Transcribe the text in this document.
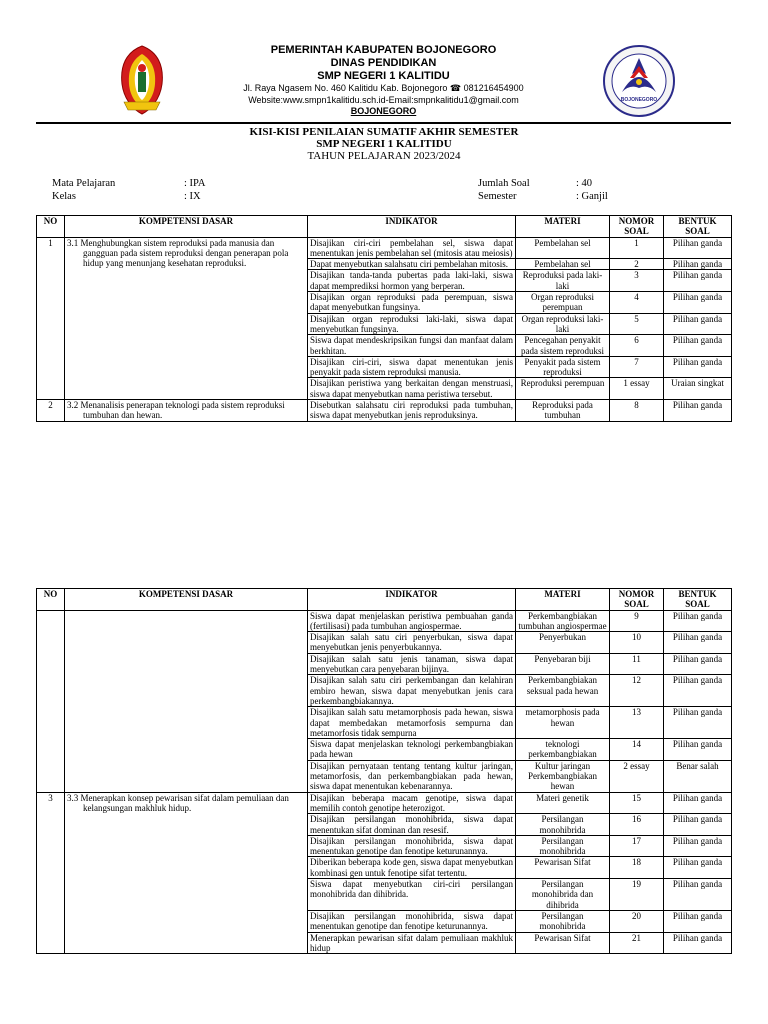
PEMERINTAH KABUPATEN BOJONEGORO
DINAS PENDIDIKAN
SMP NEGERI 1 KALITIDU
Jl. Raya Ngasem No. 460 Kalitidu Kab. Bojonegoro ☎ 081216454900
Website:www.smpn1kalitidu.sch.id-Email:smpnkalitidu1@gmail.com
BOJONEGORO
BOJONEGORO
KISI-KISI PENILAIAN SUMATIF AKHIR SEMESTER
SMP NEGERI 1 KALITIDU
TAHUN PELAJARAN 2023/2024
Mata Pelajaran	: IPA
Kelas	: IX
Jumlah Soal	: 40
Semester	: Ganjil
NO	KOMPETENSI DASAR	INDIKATOR	MATERI	NOMOR SOAL	BENTUK SOAL
1	3.1 Menghubungkan sistem reproduksi pada manusia dan gangguan pada sistem reproduksi dengan penerapan pola hidup yang menunjang kesehatan reproduksi.	Disajikan ciri-ciri pembelahan sel, siswa dapat menentukan jenis pembelahan sel (mitosis atau meiosis)	Pembelahan sel	1	Pilihan ganda
		Dapat menyebutkan salahsatu ciri pembelahan mitosis.	Pembelahan sel	2	Pilihan ganda
		Disajikan tanda-tanda pubertas pada laki-laki, siswa dapat memprediksi hormon yang berperan.	Reproduksi pada laki-laki	3	Pilihan ganda
		Disajikan organ reproduksi pada perempuan, siswa dapat menyebutkan fungsinya.	Organ reproduksi perempuan	4	Pilihan ganda
		Disajikan organ reproduksi laki-laki, siswa dapat menyebutkan fungsinya.	Organ reproduksi laki-laki	5	Pilihan ganda
		Siswa dapat mendeskripsikan fungsi dan manfaat dalam berkhitan.	Pencegahan penyakit pada sistem reproduksi	6	Pilihan ganda
		Disajikan ciri-ciri, siswa dapat menentukan jenis penyakit pada sistem reproduksi manusia.	Penyakit pada sistem reproduksi	7	Pilihan ganda
		Disajikan peristiwa yang berkaitan dengan menstruasi, siswa dapat menyebutkan nama peristiwa tersebut.	Reproduksi perempuan	1 essay	Uraian singkat
2	3.2 Menanalisis penerapan teknologi pada sistem reproduksi tumbuhan dan hewan.	Disebutkan salahsatu ciri reproduksi pada tumbuhan, siswa dapat menyebutkan jenis reproduksinya.	Reproduksi pada tumbuhan	8	Pilihan ganda
NO	KOMPETENSI DASAR	INDIKATOR	MATERI	NOMOR SOAL	BENTUK SOAL
		Siswa dapat menjelaskan peristiwa pembuahan ganda (fertilisasi) pada tumbuhan angiospermae.	Perkembangbiakan tumbuhan angiospermae	9	Pilihan ganda
		Disajikan salah satu ciri penyerbukan, siswa dapat menyebutkan jenis penyerbukannya.	Penyerbukan	10	Pilihan ganda
		Disajikan salah satu jenis tanaman, siswa dapat menyebutkan cara penyebaran bijinya.	Penyebaran biji	11	Pilihan ganda
		Disajikan salah satu ciri perkembangan dan kelahiran embiro hewan, siswa dapat menyebutkan jenis cara perkembangbiakannya.	Perkembangbiakan seksual pada hewan	12	Pilihan ganda
		Disajikan salah satu metamorphosis pada hewan, siswa dapat membedakan metamorfosis sempurna dan metamorfosis tidak sempurna	metamorphosis pada hewan	13	Pilihan ganda
		Siswa dapat menjelaskan teknologi perkembangbiakan pada hewan	teknologi perkembangbiakan	14	Pilihan ganda
		Disajikan pernyataan tentang tentang kultur jaringan, metamorfosis, dan perkembangbiakan pada hewan, siswa dapat menentukan kebenarannya.	Kultur jaringan Perkembangbiakan hewan	2 essay	Benar salah
3	3.3 Menerapkan konsep pewarisan sifat dalam pemuliaan dan kelangsungan makhluk hidup.	Disajikan beberapa macam genotipe, siswa dapat memilih contoh genotipe heterozigot.	Materi genetik	15	Pilihan ganda
		Disajikan persilangan monohibrida, siswa dapat menentukan sifat dominan dan resesif.	Persilangan monohibrida	16	Pilihan ganda
		Disajikan persilangan monohibrida, siswa dapat menentukan genotipe dan fenotipe keturunannya.	Persilangan monohibrida	17	Pilihan ganda
		Diberikan beberapa kode gen, siswa dapat menyebutkan kombinasi gen untuk fenotipe sifat tertentu.	Pewarisan Sifat	18	Pilihan ganda
		Siswa dapat menyebutkan ciri-ciri persilangan monohibrida dan dihibrida.	Persilangan monohibrida dan dihibrida	19	Pilihan ganda
		Disajikan persilangan monohibrida, siswa dapat menentukan genotipe dan fenotipe keturunannya.	Persilangan monohibrida	20	Pilihan ganda
		Menerapkan pewarisan sifat dalam pemuliaan makhluk hidup	Pewarisan Sifat	21	Pilihan ganda
